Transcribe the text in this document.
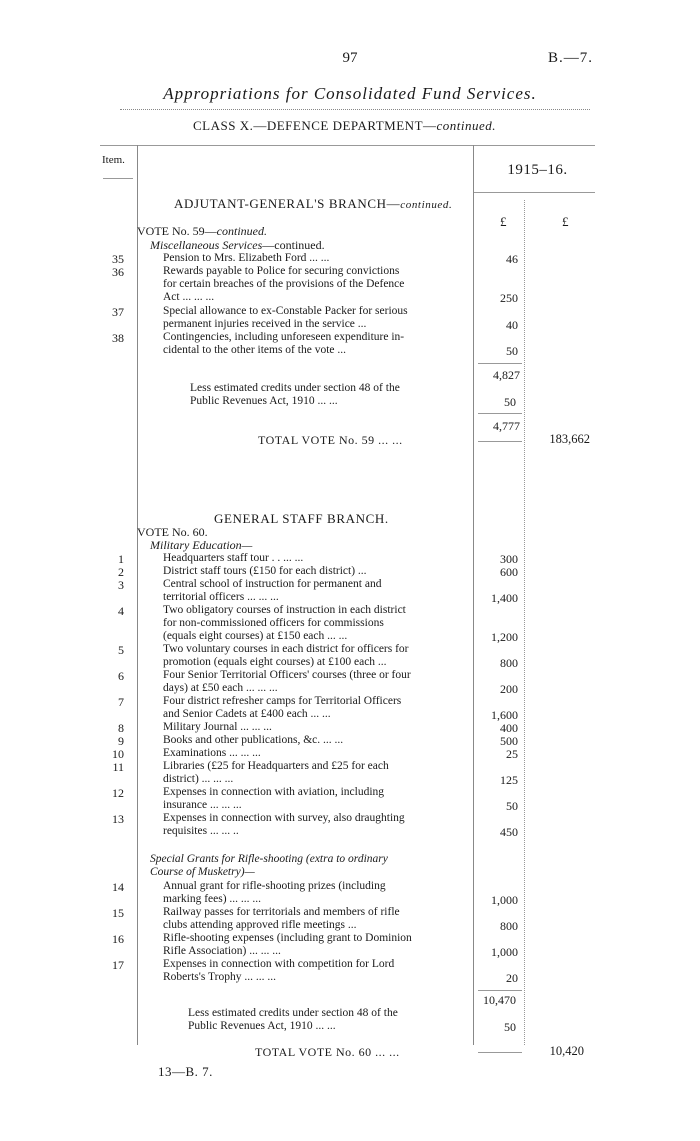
97	B.—7.
Appropriations for Consolidated Fund Services.
CLASS X.—DEFENCE DEPARTMENT—continued.
Item.
1915–16.
ADJUTANT-GENERAL'S BRANCH—continued.
£	£
VOTE No. 59—continued.
Miscellaneous Services—continued.
35	Pension to Mrs. Elizabeth Ford ... ...	46
36	Rewards payable to Police for securing convictions
for certain breaches of the provisions of the Defence
Act ... ... ...	250
37	Special allowance to ex-Constable Packer for serious
permanent injuries received in the service ...	40
38	Contingencies, including unforeseen expenditure in-
cidental to the other items of the vote ...	50
4,827
Less estimated credits under section 48 of the
Public Revenues Act, 1910 ... ...	50
4,777
TOTAL VOTE No. 59 ... ...	183,662
GENERAL STAFF BRANCH.
VOTE No. 60.
Military Education—
1	Headquarters staff tour . . ... ...	300
2	District staff tours (£150 for each district) ...	600
3	Central school of instruction for permanent and
territorial officers ... ... ...	1,400
4	Two obligatory courses of instruction in each district
for non-commissioned officers for commissions
(equals eight courses) at £150 each ... ...	1,200
5	Two voluntary courses in each district for officers for
promotion (equals eight courses) at £100 each ...	800
6	Four Senior Territorial Officers' courses (three or four
days) at £50 each ... ... ...	200
7	Four district refresher camps for Territorial Officers
and Senior Cadets at £400 each ... ...	1,600
8	Military Journal ... ... ...	400
9	Books and other publications, &c. ... ...	500
10	Examinations ... ... ...	25
11	Libraries (£25 for Headquarters and £25 for each
district) ... ... ...	125
12	Expenses in connection with aviation, including
insurance ... ... ...	50
13	Expenses in connection with survey, also draughting
requisites ... ... ..	450
Special Grants for Rifle-shooting (extra to ordinary
Course of Musketry)—
14	Annual grant for rifle-shooting prizes (including
marking fees) ... ... ...	1,000
15	Railway passes for territorials and members of rifle
clubs attending approved rifle meetings ...	800
16	Rifle-shooting expenses (including grant to Dominion
Rifle Association) ... ... ...	1,000
17	Expenses in connection with competition for Lord
Roberts's Trophy ... ... ...	20
10,470
Less estimated credits under section 48 of the
Public Revenues Act, 1910 ... ...	50
TOTAL VOTE No. 60 ... ...	10,420
13—B. 7.
